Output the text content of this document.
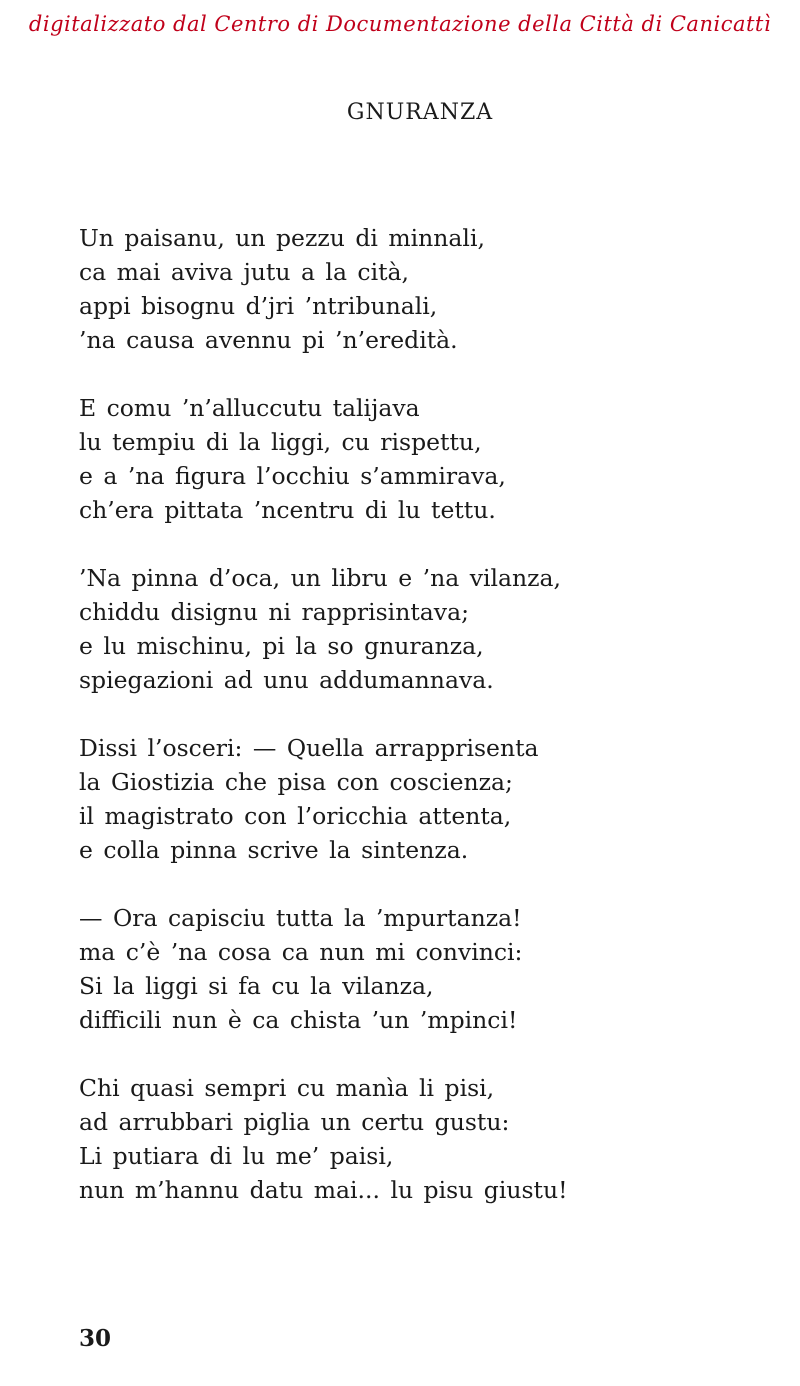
digitalizzato dal Centro di Documentazione della Città di Canicattì
GNURANZA
Un paisanu, un pezzu di minnali,
ca mai aviva jutu a la cità,
appi bisognu d’jri ’ntribunali,
’na causa avennu pi ’n’eredità.
E comu ’n’alluccutu talijava
lu tempiu di la liggi, cu rispettu,
e a ’na figura l’occhiu s’ammirava,
ch’era pittata ’ncentru di lu tettu.
’Na pinna d’oca, un libru e ’na vilanza,
chiddu disignu ni rapprisintava;
e lu mischinu, pi la so gnuranza,
spiegazioni ad unu addumannava.
Dissi l’osceri: — Quella arrapprisenta
la Giostizia che pisa con coscienza;
il magistrato con l’oricchia attenta,
e colla pinna scrive la sintenza.
— Ora capisciu tutta la ’mpurtanza!
ma c’è ’na cosa ca nun mi convinci:
Si la liggi si fa cu la vilanza,
difficili nun è ca chista ’un ’mpinci!
Chi quasi sempri cu manìa li pisi,
ad arrubbari piglia un certu gustu:
Li putiara di lu me’ paisi,
nun m’hannu datu mai... lu pisu giustu!
30
